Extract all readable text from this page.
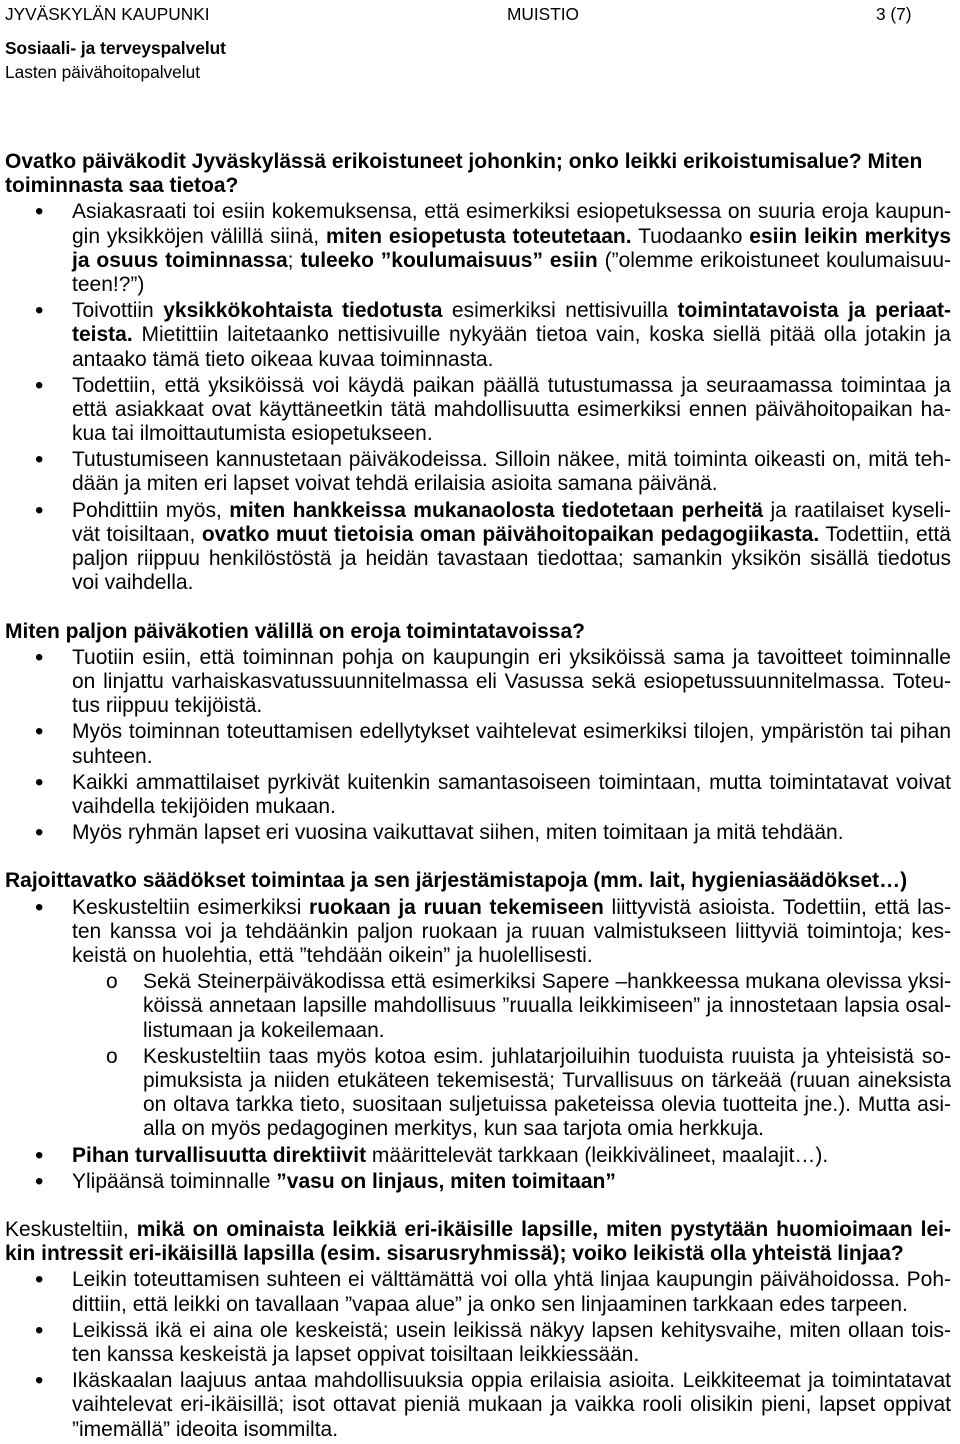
JYVÄSKYLÄN KAUPUNKI	MUISTIO	3 (7)
Sosiaali- ja terveyspalvelut
Lasten päivähoitopalvelut
Ovatko päiväkodit Jyväskylässä erikoistuneet johonkin; onko leikki erikoistumisalue? Miten
toiminnasta saa tietoa?
• Asiakasraati toi esiin kokemuksensa, että esimerkiksi esiopetuksessa on suuria eroja kaupun-
gin yksikköjen välillä siinä, miten esiopetusta toteutetaan. Tuodaanko esiin leikin merkitys
ja osuus toiminnassa; tuleeko ”koulumaisuus” esiin (”olemme erikoistuneet koulumaisuu-
teen!?”)
• Toivottiin yksikkökohtaista tiedotusta esimerkiksi nettisivuilla toimintatavoista ja periaat-
teista. Mietittiin laitetaanko nettisivuille nykyään tietoa vain, koska siellä pitää olla jotakin ja
antaako tämä tieto oikeaa kuvaa toiminnasta.
• Todettiin, että yksiköissä voi käydä paikan päällä tutustumassa ja seuraamassa toimintaa ja
että asiakkaat ovat käyttäneetkin tätä mahdollisuutta esimerkiksi ennen päivähoitopaikan ha-
kua tai ilmoittautumista esiopetukseen.
• Tutustumiseen kannustetaan päiväkodeissa. Silloin näkee, mitä toiminta oikeasti on, mitä teh-
dään ja miten eri lapset voivat tehdä erilaisia asioita samana päivänä.
• Pohdittiin myös, miten hankkeissa mukanaolosta tiedotetaan perheitä ja raatilaiset kyseli-
vät toisiltaan, ovatko muut tietoisia oman päivähoitopaikan pedagogiikasta. Todettiin, että
paljon riippuu henkilöstöstä ja heidän tavastaan tiedottaa; samankin yksikön sisällä tiedotus
voi vaihdella.
Miten paljon päiväkotien välillä on eroja toimintatavoissa?
• Tuotiin esiin, että toiminnan pohja on kaupungin eri yksiköissä sama ja tavoitteet toiminnalle
on linjattu varhaiskasvatussuunnitelmassa eli Vasussa sekä esiopetussuunnitelmassa. Toteu-
tus riippuu tekijöistä.
• Myös toiminnan toteuttamisen edellytykset vaihtelevat esimerkiksi tilojen, ympäristön tai pihan
suhteen.
• Kaikki ammattilaiset pyrkivät kuitenkin samantasoiseen toimintaan, mutta toimintatavat voivat
vaihdella tekijöiden mukaan.
• Myös ryhmän lapset eri vuosina vaikuttavat siihen, miten toimitaan ja mitä tehdään.
Rajoittavatko säädökset toimintaa ja sen järjestämistapoja (mm. lait, hygieniasäädökset…)
• Keskusteltiin esimerkiksi ruokaan ja ruuan tekemiseen liittyvistä asioista. Todettiin, että las-
ten kanssa voi ja tehdäänkin paljon ruokaan ja ruuan valmistukseen liittyviä toimintoja; kes-
keistä on huolehtia, että ”tehdään oikein” ja huolellisesti.
o Sekä Steinerpäiväkodissa että esimerkiksi Sapere –hankkeessa mukana olevissa yksi-
köissä annetaan lapsille mahdollisuus ”ruualla leikkimiseen” ja innostetaan lapsia osal-
listumaan ja kokeilemaan.
o Keskusteltiin taas myös kotoa esim. juhlatarjoiluihin tuoduista ruuista ja yhteisistä so-
pimuksista ja niiden etukäteen tekemisestä; Turvallisuus on tärkeää (ruuan aineksista
on oltava tarkka tieto, suositaan suljetuissa paketeissa olevia tuotteita jne.). Mutta asi-
alla on myös pedagoginen merkitys, kun saa tarjota omia herkkuja.
• Pihan turvallisuutta direktiivit määrittelevät tarkkaan (leikkivälineet, maalajit…).
• Ylipäänsä toiminnalle ”vasu on linjaus, miten toimitaan”
Keskusteltiin, mikä on ominaista leikkiä eri-ikäisille lapsille, miten pystytään huomioimaan lei-
kin intressit eri-ikäisillä lapsilla (esim. sisarusryhmissä); voiko leikistä olla yhteistä linjaa?
• Leikin toteuttamisen suhteen ei välttämättä voi olla yhtä linjaa kaupungin päivähoidossa. Poh-
dittiin, että leikki on tavallaan ”vapaa alue” ja onko sen linjaaminen tarkkaan edes tarpeen.
• Leikissä ikä ei aina ole keskeistä; usein leikissä näkyy lapsen kehitysvaihe, miten ollaan tois-
ten kanssa keskeistä ja lapset oppivat toisiltaan leikkiessään.
• Ikäskaalan laajuus antaa mahdollisuuksia oppia erilaisia asioita. Leikkiteemat ja toimintatavat
vaihtelevat eri-ikäisillä; isot ottavat pieniä mukaan ja vaikka rooli olisikin pieni, lapset oppivat
”imemällä” ideoita isommilta.
